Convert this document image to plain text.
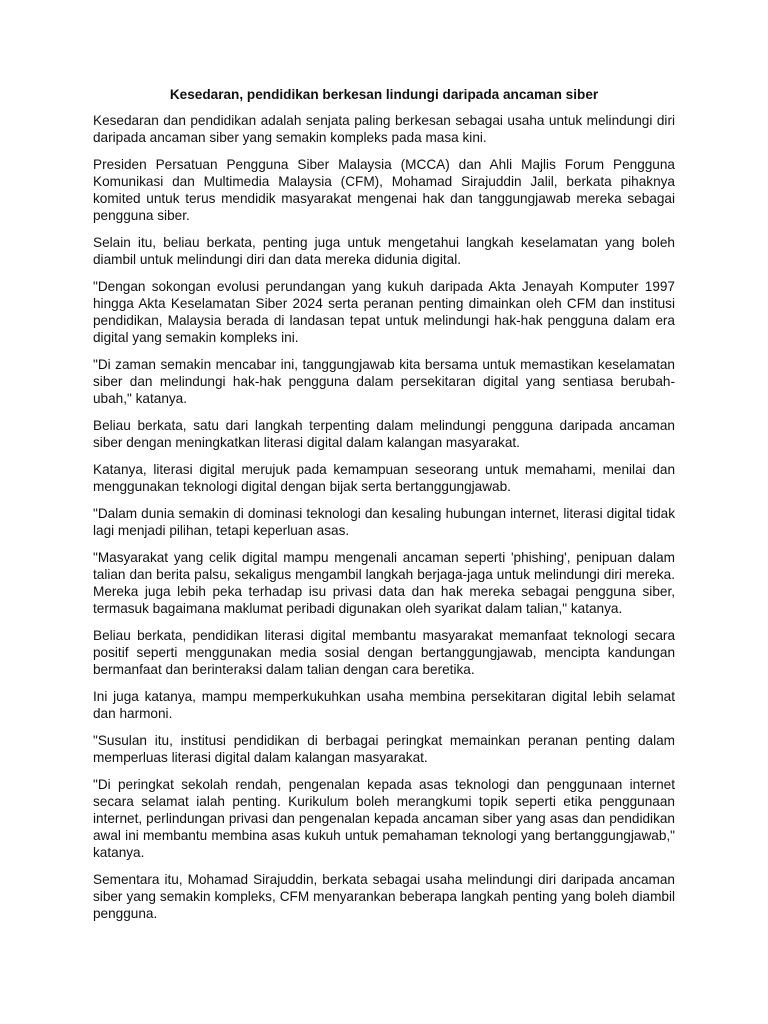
Kesedaran, pendidikan berkesan lindungi daripada ancaman siber

Kesedaran dan pendidikan adalah senjata paling berkesan sebagai usaha untuk melindungi diri daripada ancaman siber yang semakin kompleks pada masa kini.

Presiden Persatuan Pengguna Siber Malaysia (MCCA) dan Ahli Majlis Forum Pengguna Komunikasi dan Multimedia Malaysia (CFM), Mohamad Sirajuddin Jalil, berkata pihaknya komited untuk terus mendidik masyarakat mengenai hak dan tanggungjawab mereka sebagai pengguna siber.

Selain itu, beliau berkata, penting juga untuk mengetahui langkah keselamatan yang boleh diambil untuk melindungi diri dan data mereka didunia digital.

"Dengan sokongan evolusi perundangan yang kukuh daripada Akta Jenayah Komputer 1997 hingga Akta Keselamatan Siber 2024 serta peranan penting dimainkan oleh CFM dan institusi pendidikan, Malaysia berada di landasan tepat untuk melindungi hak-hak pengguna dalam era digital yang semakin kompleks ini.

"Di zaman semakin mencabar ini, tanggungjawab kita bersama untuk memastikan keselamatan siber dan melindungi hak-hak pengguna dalam persekitaran digital yang sentiasa berubah-ubah," katanya.

Beliau berkata, satu dari langkah terpenting dalam melindungi pengguna daripada ancaman siber dengan meningkatkan literasi digital dalam kalangan masyarakat.

Katanya, literasi digital merujuk pada kemampuan seseorang untuk memahami, menilai dan menggunakan teknologi digital dengan bijak serta bertanggungjawab.

"Dalam dunia semakin di dominasi teknologi dan kesaling hubungan internet, literasi digital tidak lagi menjadi pilihan, tetapi keperluan asas.

"Masyarakat yang celik digital mampu mengenali ancaman seperti 'phishing', penipuan dalam talian dan berita palsu, sekaligus mengambil langkah berjaga-jaga untuk melindungi diri mereka. Mereka juga lebih peka terhadap isu privasi data dan hak mereka sebagai pengguna siber, termasuk bagaimana maklumat peribadi digunakan oleh syarikat dalam talian," katanya.

Beliau berkata, pendidikan literasi digital membantu masyarakat memanfaat teknologi secara positif seperti menggunakan media sosial dengan bertanggungjawab, mencipta kandungan bermanfaat dan berinteraksi dalam talian dengan cara beretika.

Ini juga katanya, mampu memperkukuhkan usaha membina persekitaran digital lebih selamat dan harmoni.

"Susulan itu, institusi pendidikan di berbagai peringkat memainkan peranan penting dalam memperluas literasi digital dalam kalangan masyarakat.

"Di peringkat sekolah rendah, pengenalan kepada asas teknologi dan penggunaan internet secara selamat ialah penting. Kurikulum boleh merangkumi topik seperti etika penggunaan internet, perlindungan privasi dan pengenalan kepada ancaman siber yang asas dan pendidikan awal ini membantu membina asas kukuh untuk pemahaman teknologi yang bertanggungjawab," katanya.

Sementara itu, Mohamad Sirajuddin, berkata sebagai usaha melindungi diri daripada ancaman siber yang semakin kompleks, CFM menyarankan beberapa langkah penting yang boleh diambil pengguna.
